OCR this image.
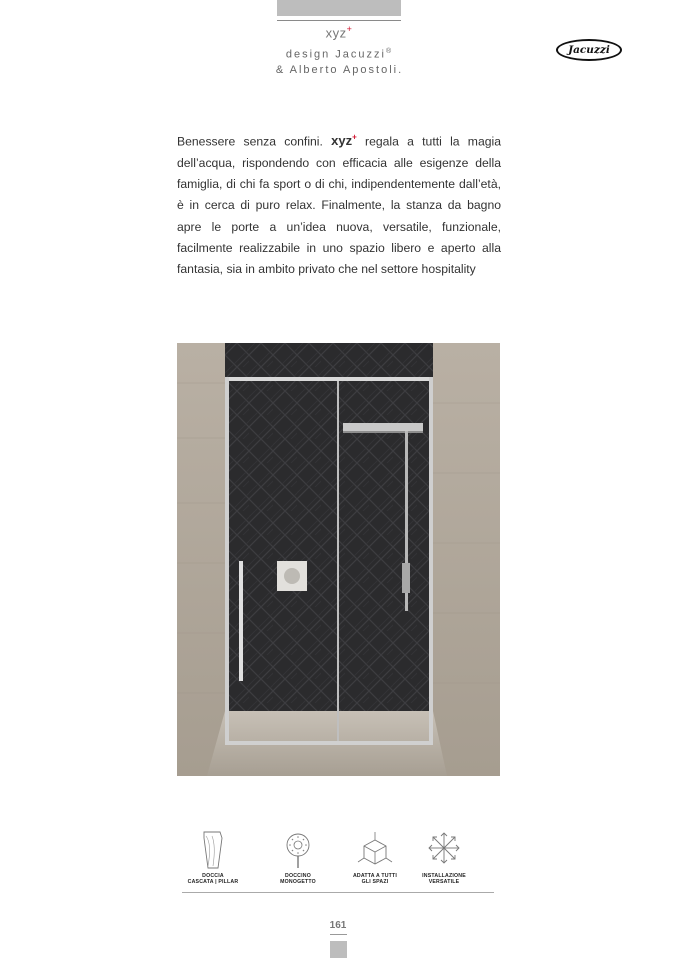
xyz+
design Jacuzzi®
& Alberto Apostoli.
Jacuzzi
Benessere senza confini. xyz+ regala a tutti la magia dell’acqua, rispondendo con efficacia alle esigenze della famiglia, di chi fa sport o di chi, indipendentemente dall’età, è in cerca di puro relax. Finalmente, la stanza da bagno apre le porte a un’idea nuova, versatile, funzionale, facilmente realizzabile in uno spazio libero e aperto alla fantasia, sia in ambito privato che nel settore hospitality
DOCCIA
CASCATA | PILLAR
DOCCINO
MONOGETTO
ADATTA A TUTTI
GLI SPAZI
INSTALLAZIONE
VERSATILE
161
